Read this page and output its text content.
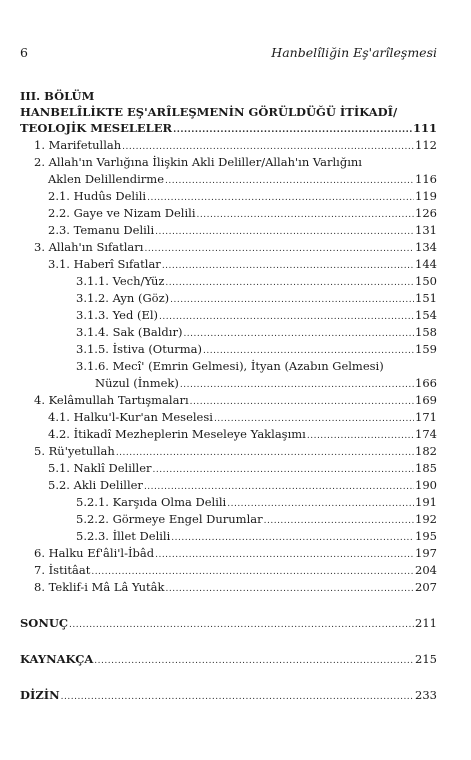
6	Hanbelîliğin Eş'arîleşmesi
III. BÖLÜM
HANBELÎLİKTE EŞ'ARÎLEŞMENİN GÖRÜLDÜĞÜ İTİKADÎ/
TEOLOJİK MESELELER .....	111
1. Marifetullah .....	112
2. Allah'ın Varlığına İlişkin Akli Deliller/Allah'ın Varlığını
Aklen Delillendirme .....	116
2.1. Hudûs Delili .....	119
2.2. Gaye ve Nizam Delili .....	126
2.3. Temanu Delili .....	131
3. Allah'ın Sıfatları .....	134
3.1. Haberî Sıfatlar .....	144
3.1.1. Vech/Yüz .....	150
3.1.2. Ayn (Göz) .....	151
3.1.3. Yed (El) .....	154
3.1.4. Sak (Baldır) .....	158
3.1.5. İstiva (Oturma) .....	159
3.1.6. Mecî' (Emrin Gelmesi), İtyan (Azabın Gelmesi)
Nüzul (İnmek) .....	166
4. Kelâmullah Tartışmaları .....	169
4.1. Halku'l-Kur'an Meselesi .....	171
4.2. İtikadî Mezheplerin Meseleye Yaklaşımı .....	174
5. Rü'yetullah .....	182
5.1. Naklî Deliller .....	185
5.2. Akli Deliller .....	190
5.2.1. Karşıda Olma Delili .....	191
5.2.2. Görmeye Engel Durumlar .....	192
5.2.3. İllet Delili .....	195
6. Halku Ef'âli'l-İbâd .....	197
7. İstitâat .....	204
8. Teklif-i Mâ Lâ Yutâk .....	207
SONUÇ .....	211
KAYNAKÇA .....	215
DİZİN .....	233
